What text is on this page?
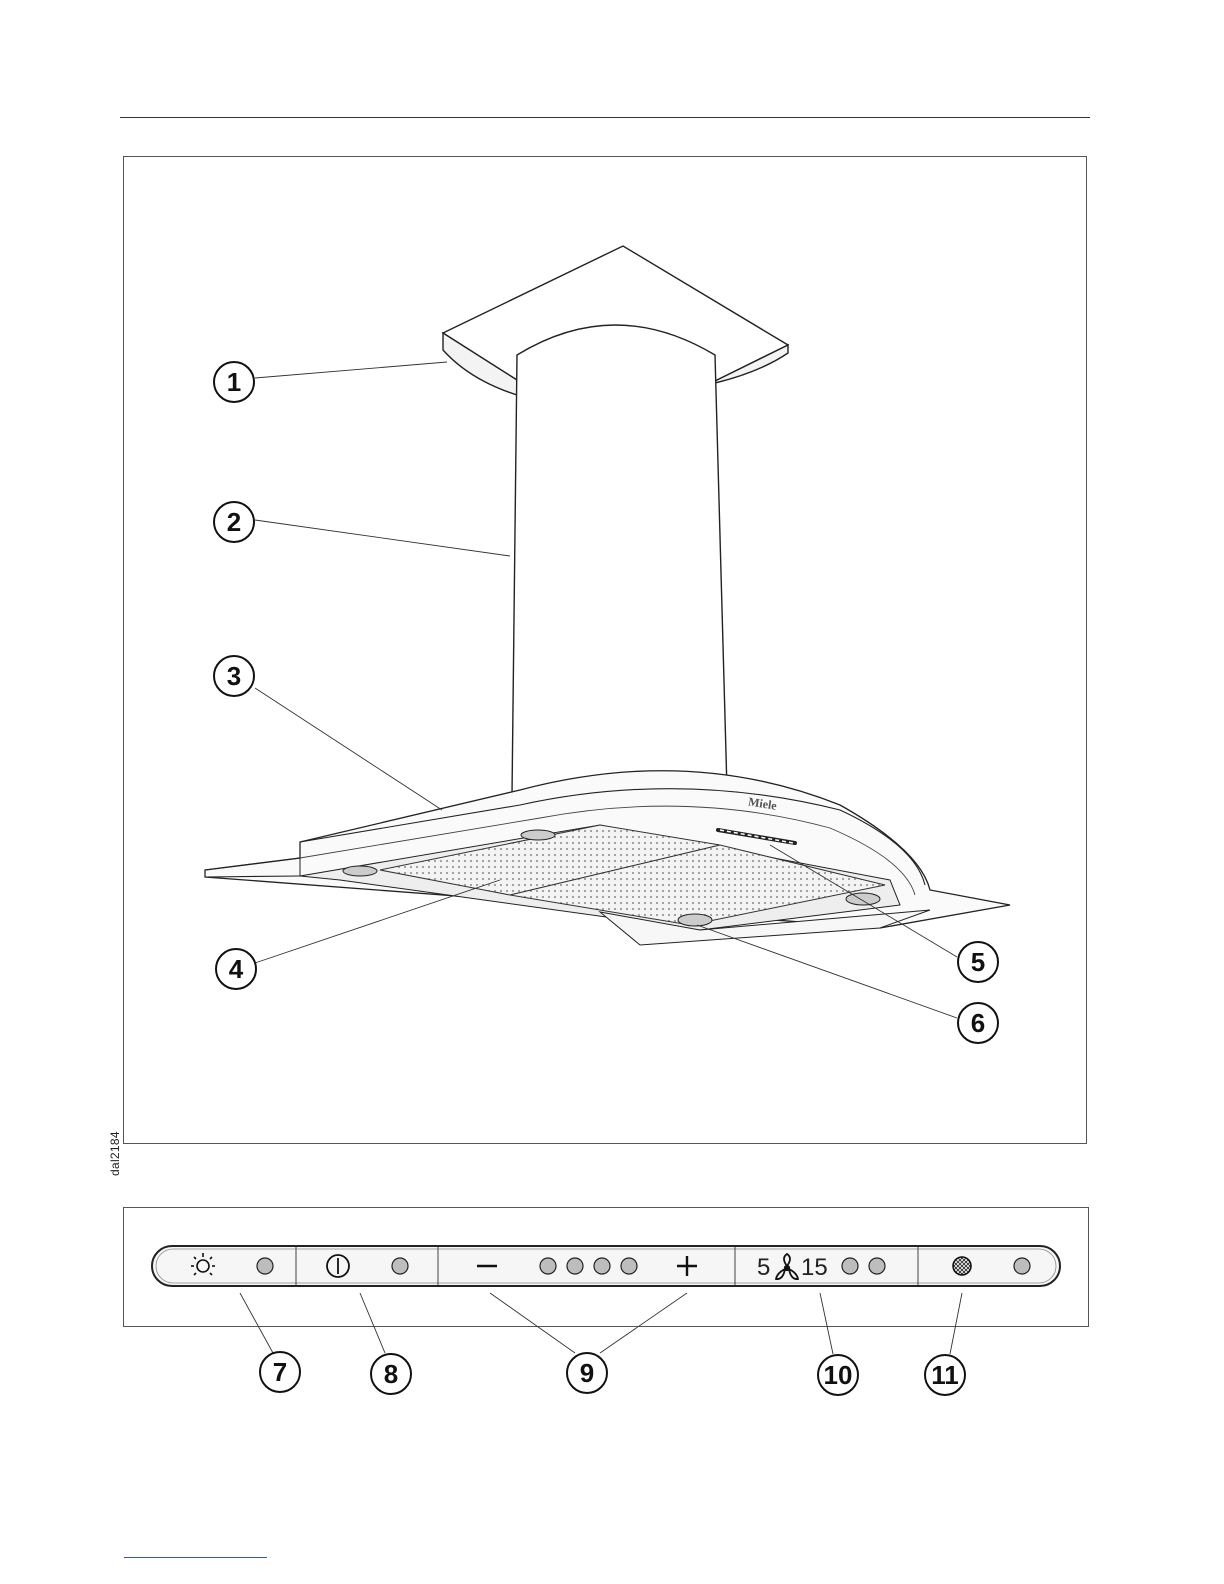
dal2184
Miele
1
2
3
4	5
6
5 15
7	8	9	10	11
